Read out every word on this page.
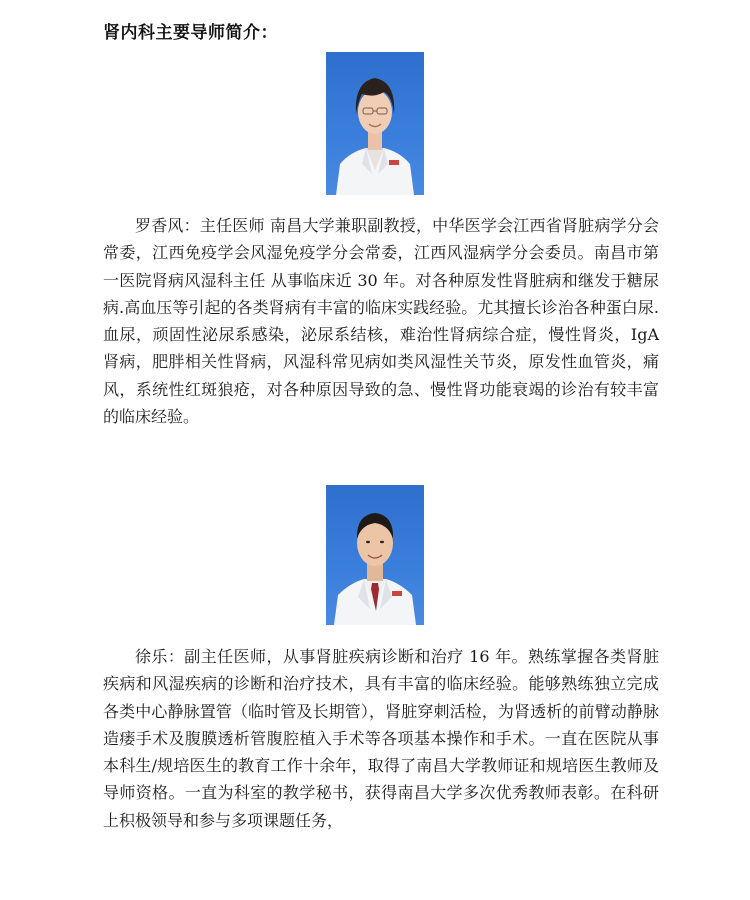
肾内科主要导师简介：

罗香风：主任医师 南昌大学兼职副教授，中华医学会江西省肾脏病学分会 常委，江西免疫学会风湿免疫学分会常委，江西风湿病学分会委员。南昌市第一医院肾病风湿科主任 从事临床近 30 年。对各种原发性肾脏病和继发于糖尿病.高血压等引起的各类肾病有丰富的临床实践经验。尤其擅长诊治各种蛋白尿.血尿，顽固性泌尿系感染，泌尿系结核，难治性肾病综合症，慢性肾炎，IgA 肾病，肥胖相关性肾病，风湿科常见病如类风湿性关节炎，原发性血管炎，痛风，系统性红斑狼疮，对各种原因导致的急、慢性肾功能衰竭的诊治有较丰富的临床经验。

徐乐：副主任医师，从事肾脏疾病诊断和治疗 16 年。熟练掌握各类肾脏疾病和风湿疾病的诊断和治疗技术，具有丰富的临床经验。能够熟练独立完成各类中心静脉置管（临时管及长期管），肾脏穿刺活检，为肾透析的前臂动静脉造瘘手术及腹膜透析管腹腔植入手术等各项基本操作和手术。一直在医院从事本科生/规培医生的教育工作十余年，取得了南昌大学教师证和规培医生教师及导师资格。一直为科室的教学秘书，获得南昌大学多次优秀教师表彰。在科研上积极领导和参与多项课题任务，
